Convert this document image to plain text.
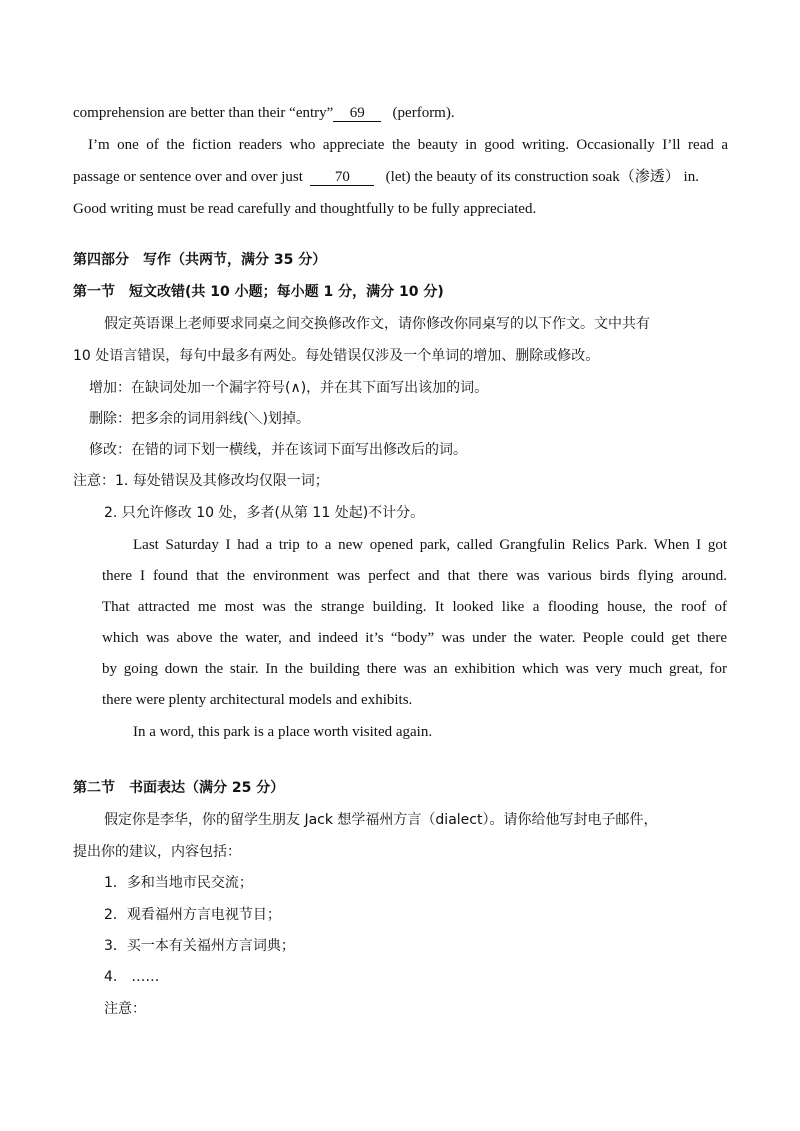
comprehension are better than their “entry” 69 (perform).
I’m one of the fiction readers who appreciate the beauty in good writing. Occasionally I’ll read a
passage or sentence over and over just 70 (let) the beauty of its construction soak（渗透） in.
Good writing must be read carefully and thoughtfully to be fully appreciated.
第四部分　写作（共两节，满分 35 分）
第一节　短文改错(共 10 小题；每小题 1 分，满分 10 分)
假定英语课上老师要求同桌之间交换修改作文，请你修改你同桌写的以下作文。文中共有
10 处语言错误，每句中最多有两处。每处错误仅涉及一个单词的增加、删除或修改。
增加：在缺词处加一个漏字符号(∧)，并在其下面写出该加的词。
删除：把多余的词用斜线(＼)划掉。
修改：在错的词下划一横线，并在该词下面写出修改后的词。
注意：1. 每处错误及其修改均仅限一词；
2. 只允许修改 10 处，多者(从第 11 处起)不计分。
Last Saturday I had a trip to a new opened park, called Grangfulin Relics Park. When I got
there I found that the environment was perfect and that there was various birds flying around.
That attracted me most was the strange building. It looked like a flooding house, the roof of
which was above the water, and indeed it’s “body” was under the water. People could get there
by going down the stair. In the building there was an exhibition which was very much great, for
there were plenty architectural models and exhibits.
In a word, this park is a place worth visited again.
第二节　书面表达（满分 25 分）
假定你是李华，你的留学生朋友 Jack 想学福州方言（dialect）。请你给他写封电子邮件，
提出你的建议，内容包括：
1．多和当地市民交流；
2．观看福州方言电视节目；
3．买一本有关福州方言词典；
4.　……
注意：
